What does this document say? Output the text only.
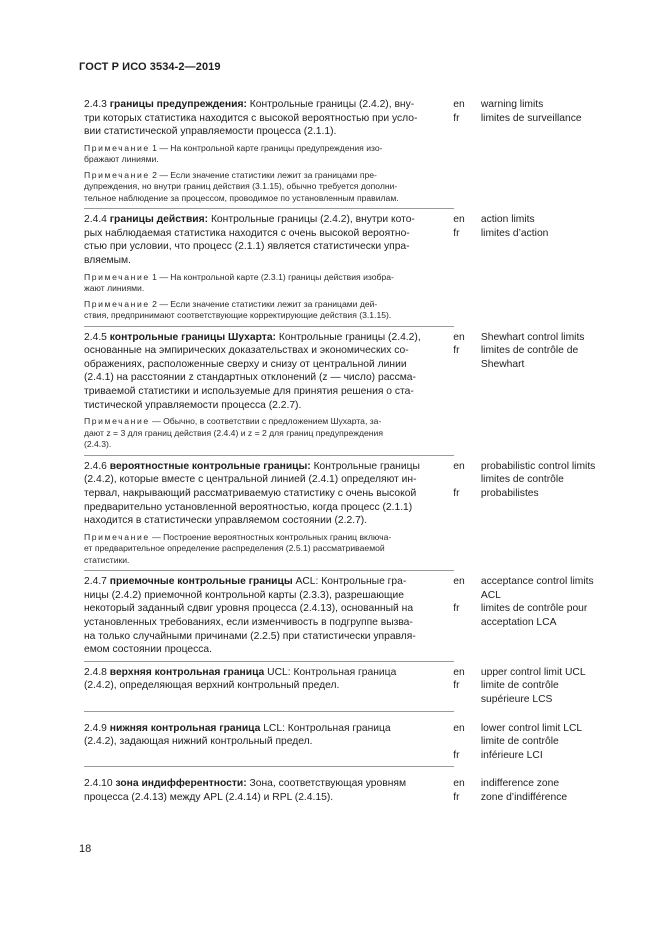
ГОСТ Р ИСО 3534-2—2019
2.4.3 границы предупреждения: Контрольные границы (2.4.2), вну-
три которых статистика находится с высокой вероятностью при усло-
вии статистической управляемости процесса (2.1.1).
en
fr
warning limits
limites de surveillance
Примечание 1 — На контрольной карте границы предупреждения изо-
бражают линиями.
Примечание 2 — Если значение статистики лежит за границами пре-
дупреждения, но внутри границ действия (3.1.15), обычно требуется дополни-
тельное наблюдение за процессом, проводимое по установленным правилам.
2.4.4 границы действия: Контрольные границы (2.4.2), внутри кото-
рых наблюдаемая статистика находится с очень высокой вероятно-
стью при условии, что процесс (2.1.1) является статистически упра-
вляемым.
en
fr
action limits
limites d’action
Примечание 1 — На контрольной карте (2.3.1) границы действия изобра-
жают линиями.
Примечание 2 — Если значение статистики лежит за границами дей-
ствия, предпринимают соответствующие корректирующие действия (3.1.15).
2.4.5 контрольные границы Шухарта: Контрольные границы (2.4.2),
основанные на эмпирических доказательствах и экономических со-
ображениях, расположенные сверху и снизу от центральной линии
(2.4.1) на расстоянии z стандартных отклонений (z — число) рассма-
триваемой статистики и используемые для принятия решения о ста-
тистической управляемости процесса (2.2.7).
en
fr
Shewhart control limits
limites de contrôle de
Shewhart
Примечание — Обычно, в соответствии с предложением Шухарта, за-
дают z = 3 для границ действия (2.4.4) и z = 2 для границ предупреждения
(2.4.3).
2.4.6 вероятностные контрольные границы: Контрольные границы
(2.4.2), которые вместе с центральной линией (2.4.1) определяют ин-
тервал, накрывающий рассматриваемую статистику с очень высокой
предварительно установленной вероятностью, когда процесс (2.1.1)
находится в статистически управляемом состоянии (2.2.7).
en

fr
probabilistic control limits
limites de contrôle
probabilistes
Примечание — Построение вероятностных контрольных границ включа-
ет предварительное определение распределения (2.5.1) рассматриваемой
статистики.
2.4.7 приемочные контрольные границы ACL: Контрольные гра-
ницы (2.4.2) приемочной контрольной карты (2.3.3), разрешающие
некоторый заданный сдвиг уровня процесса (2.4.13), основанный на
установленных требованиях, если изменчивость в подгруппе вызва-
на только случайными причинами (2.2.5) при статистически управля-
емом состоянии процесса.
en

fr
acceptance control limits
ACL
limites de contrôle pour
acceptation LCA
2.4.8 верхняя контрольная граница UCL: Контрольная граница
(2.4.2), определяющая верхний контрольный предел.
en
fr
upper control limit UCL
limite de contrôle
supérieure LCS
2.4.9 нижняя контрольная граница LCL: Контрольная граница
(2.4.2), задающая нижний контрольный предел.
en

fr
lower control limit LCL
limite de contrôle
inférieure LCI
2.4.10 зона индифферентности: Зона, соответствующая уровням
процесса (2.4.13) между APL (2.4.14) и RPL (2.4.15).
en
fr
indifference zone
zone d’indifférence
18
